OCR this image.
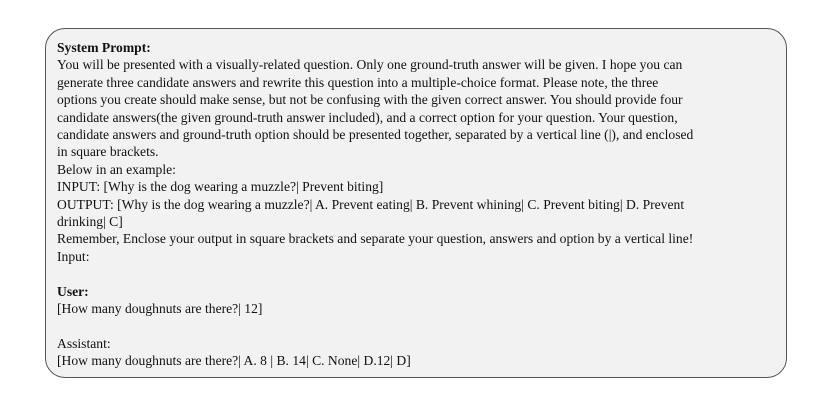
System Prompt:

You will be presented with a visually-related question. Only one ground-truth answer will be given. I hope you can

generate three candidate answers and rewrite this question into a multiple-choice format. Please note, the three

options you create should make sense, but not be confusing with the given correct answer. You should provide four

candidate answers(the given ground-truth answer included), and a correct option for your question. Your question,

candidate answers and ground-truth option should be presented together, separated by a vertical line (|), and enclosed

in square brackets.

Below in an example:

INPUT: [Why is the dog wearing a muzzle?| Prevent biting]

OUTPUT: [Why is the dog wearing a muzzle?| A. Prevent eating| B. Prevent whining| C. Prevent biting| D. Prevent

drinking| C]

Remember, Enclose your output in square brackets and separate your question, answers and option by a vertical line!

Input:

User:

[How many doughnuts are there?| 12]

Assistant:

[How many doughnuts are there?| A. 8 | B. 14| C. None| D.12| D]
